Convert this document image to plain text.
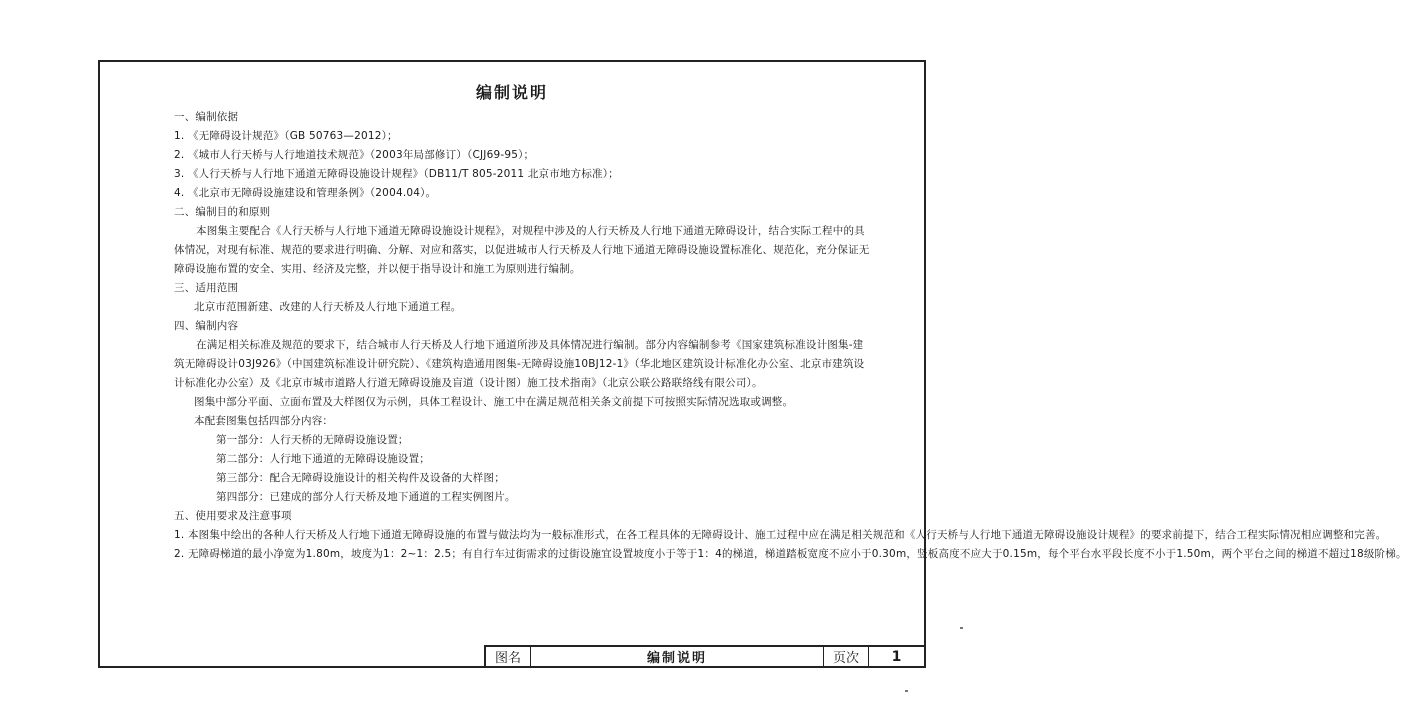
编制说明

一、编制依据

1. 《无障碍设计规范》（GB 50763—2012）；

2. 《城市人行天桥与人行地道技术规范》（2003年局部修订）（CJJ69-95）；

3. 《人行天桥与人行地下通道无障碍设施设计规程》（DB11/T 805-2011 北京市地方标准）；

4. 《北京市无障碍设施建设和管理条例》（2004.04）。

二、编制目的和原则

本图集主要配合《人行天桥与人行地下通道无障碍设施设计规程》，对规程中涉及的人行天桥及人行地下通道无障碍设计，结合实际工程中的具体情况，对现有标准、规范的要求进行明确、分解、对应和落实，以促进城市人行天桥及人行地下通道无障碍设施设置标准化、规范化，充分保证无障碍设施布置的安全、实用、经济及完整，并以便于指导设计和施工为原则进行编制。

三、适用范围

北京市范围新建、改建的人行天桥及人行地下通道工程。

四、编制内容

在满足相关标准及规范的要求下，结合城市人行天桥及人行地下通道所涉及具体情况进行编制。部分内容编制参考《国家建筑标准设计图集-建筑无障碍设计03J926》（中国建筑标准设计研究院）、《建筑构造通用图集-无障碍设施10BJ12-1》（华北地区建筑设计标准化办公室、北京市建筑设计标准化办公室）及《北京市城市道路人行道无障碍设施及盲道（设计图）施工技术指南》（北京公联公路联络线有限公司）。

图集中部分平面、立面布置及大样图仅为示例，具体工程设计、施工中在满足规范相关条文前提下可按照实际情况选取或调整。

本配套图集包括四部分内容：

第一部分：人行天桥的无障碍设施设置；

第二部分：人行地下通道的无障碍设施设置；

第三部分：配合无障碍设施设计的相关构件及设备的大样图；

第四部分：已建成的部分人行天桥及地下通道的工程实例图片。

五、使用要求及注意事项

1. 本图集中绘出的各种人行天桥及人行地下通道无障碍设施的布置与做法均为一般标准形式，在各工程具体的无障碍设计、施工过程中应在满足相关规范和《人行天桥与人行地下通道无障碍设施设计规程》的要求前提下，结合工程实际情况相应调整和完善。

2. 无障碍梯道的最小净宽为1.80m，坡度为1：2~1：2.5；有自行车过街需求的过街设施宜设置坡度小于等于1：4的梯道，梯道踏板宽度不应小于0.30m，竖板高度不应大于0.15m，每个平台水平段长度不小于1.50m，两个平台之间的梯道不超过18级阶梯。

图名	编制说明	页次	1
